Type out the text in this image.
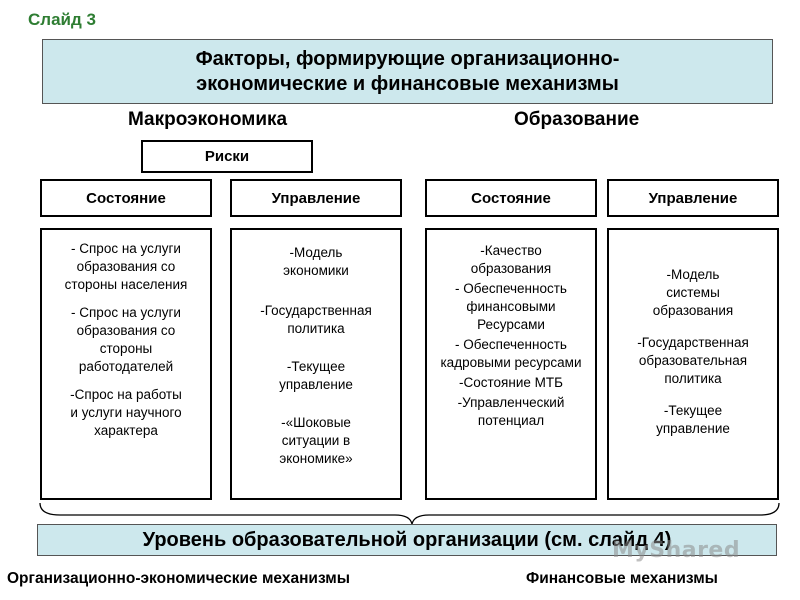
Слайд 3
Факторы, формирующие организационно-
экономические и финансовые механизмы
Макроэкономика	Образование
Риски
Состояние	Управление	Состояние	Управление

- Спрос на услуги образования со стороны населения

- Спрос на услуги образования со стороны работодателей

-Спрос на работы и услуги научного характера

-Модель экономики

-Государственная политика

-Текущее управление

-«Шоковые ситуации в экономике»

-Качество образования

- Обеспеченность финансовыми Ресурсами

- Обеспеченность кадровыми ресурсами

-Состояние МТБ

-Управленческий потенциал

-Модель системы образования

-Государственная образовательная политика

-Текущее управление

Уровень образовательной организации (см. слайд 4)
MyShared
Организационно-экономические механизмы	Финансовые механизмы
